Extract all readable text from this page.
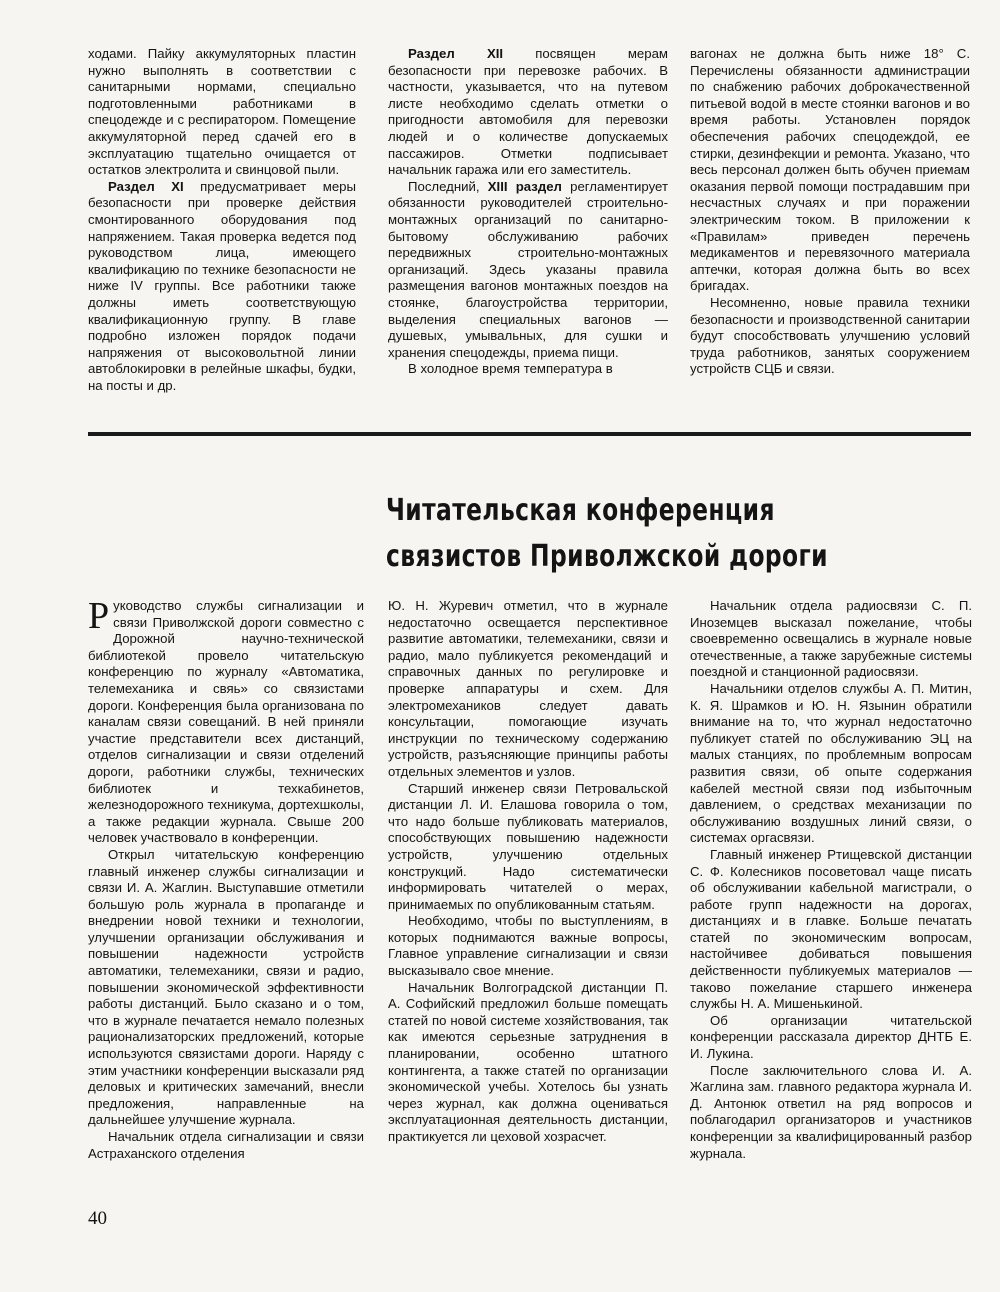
ходами. Пайку аккумуляторных пластин нужно выполнять в соответствии с санитарными нормами, специально подготовленными работниками в спецодежде и с респиратором. Помещение аккумуляторной перед сдачей его в эксплуатацию тщательно очищается от остатков электролита и свинцовой пыли.

Раздел XI предусматривает меры безопасности при проверке действия смонтированного оборудования под напряжением. Такая проверка ведется под руководством лица, имеющего квалификацию по технике безопасности не ниже IV группы. Все работники также должны иметь соответствующую квалификационную группу. В главе подробно изложен порядок подачи напряжения от высоковольтной линии автоблокировки в релейные шкафы, будки, на посты и др.

Раздел XII посвящен мерам безопасности при перевозке рабочих. В частности, указывается, что на путевом листе необходимо сделать отметки о пригодности автомобиля для перевозки людей и о количестве допускаемых пассажиров. Отметки подписывает начальник гаража или его заместитель.

Последний, XIII раздел регламентирует обязанности руководителей строительно-монтажных организаций по санитарно-бытовому обслуживанию рабочих передвижных строительно-монтажных организаций. Здесь указаны правила размещения вагонов монтажных поездов на стоянке, благоустройства территории, выделения специальных вагонов — душевых, умывальных, для сушки и хранения спецодежды, приема пищи.

В холодное время температура в

вагонах не должна быть ниже 18° С. Перечислены обязанности администрации по снабжению рабочих доброкачественной питьевой водой в месте стоянки вагонов и во время работы. Установлен порядок обеспечения рабочих спецодеждой, ее стирки, дезинфекции и ремонта. Указано, что весь персонал должен быть обучен приемам оказания первой помощи пострадавшим при несчастных случаях и при поражении электрическим током. В приложении к «Правилам» приведен перечень медикаментов и перевязочного материала аптечки, которая должна быть во всех бригадах.

Несомненно, новые правила техники безопасности и производственной санитарии будут способствовать улучшению условий труда работников, занятых сооружением устройств СЦБ и связи.

Читательская конференция
связистов Приволжской дороги

Руководство службы сигнализации и связи Приволжской дороги совместно с Дорожной научно-технической библиотекой провело читательскую конференцию по журналу «Автоматика, телемеханика и свяь» со связистами дороги. Конференция была организована по каналам связи совещаний. В ней приняли участие представители всех дистанций, отделов сигнализации и связи отделений дороги, работники службы, технических библиотек и техкабинетов, железнодорожного техникума, дортехшколы, а также редакции журнала. Свыше 200 человек участвовало в конференции.

Открыл читательскую конференцию главный инженер службы сигнализации и связи И. А. Жаглин. Выступавшие отметили большую роль журнала в пропаганде и внедрении новой техники и технологии, улучшении организации обслуживания и повышении надежности устройств автоматики, телемеханики, связи и радио, повышении экономической эффективности работы дистанций. Было сказано и о том, что в журнале печатается немало полезных рационализаторских предложений, которые используются связистами дороги. Наряду с этим участники конференции высказали ряд деловых и критических замечаний, внесли предложения, направленные на дальнейшее улучшение журнала.

Начальник отдела сигнализации и связи Астраханского отделения

Ю. Н. Журевич отметил, что в журнале недостаточно освещается перспективное развитие автоматики, телемеханики, связи и радио, мало публикуется рекомендаций и справочных данных по регулировке и проверке аппаратуры и схем. Для электромехаников следует давать консультации, помогающие изучать инструкции по техническому содержанию устройств, разъясняющие принципы работы отдельных элементов и узлов.

Старший инженер связи Петровальской дистанции Л. И. Елашова говорила о том, что надо больше публиковать материалов, способствующих повышению надежности устройств, улучшению отдельных конструкций. Надо систематически информировать читателей о мерах, принимаемых по опубликованным статьям.

Необходимо, чтобы по выступлениям, в которых поднимаются важные вопросы, Главное управление сигнализации и связи высказывало свое мнение.

Начальник Волгоградской дистанции П. А. Софийский предложил больше помещать статей по новой системе хозяйствования, так как имеются серьезные затруднения в планировании, особенно штатного контингента, а также статей по организации экономической учебы. Хотелось бы узнать через журнал, как должна оцениваться эксплуатационная деятельность дистанции, практикуется ли цеховой хозрасчет.

Начальник отдела радиосвязи С. П. Иноземцев высказал пожелание, чтобы своевременно освещались в журнале новые отечественные, а также зарубежные системы поездной и станционной радиосвязи.

Начальники отделов службы А. П. Митин, К. Я. Шрамков и Ю. Н. Язынин обратили внимание на то, что журнал недостаточно публикует статей по обслуживанию ЭЦ на малых станциях, по проблемным вопросам развития связи, об опыте содержания кабелей местной связи под избыточным давлением, о средствах механизации по обслуживанию воздушных линий связи, о системах оргасвязи.

Главный инженер Ртищевской дистанции С. Ф. Колесников посоветовал чаще писать об обслуживании кабельной магистрали, о работе групп надежности на дорогах, дистанциях и в главке. Больше печатать статей по экономическим вопросам, настойчивее добиваться повышения действенности публикуемых материалов — таково пожелание старшего инженера службы Н. А. Мишенькиной.

Об организации читательской конференции рассказала директор ДНТБ Е. И. Лукина.

После заключительного слова И. А. Жаглина зам. главного редактора журнала И. Д. Антонюк ответил на ряд вопросов и поблагодарил организаторов и участников конференции за квалифицированный разбор журнала.

40
